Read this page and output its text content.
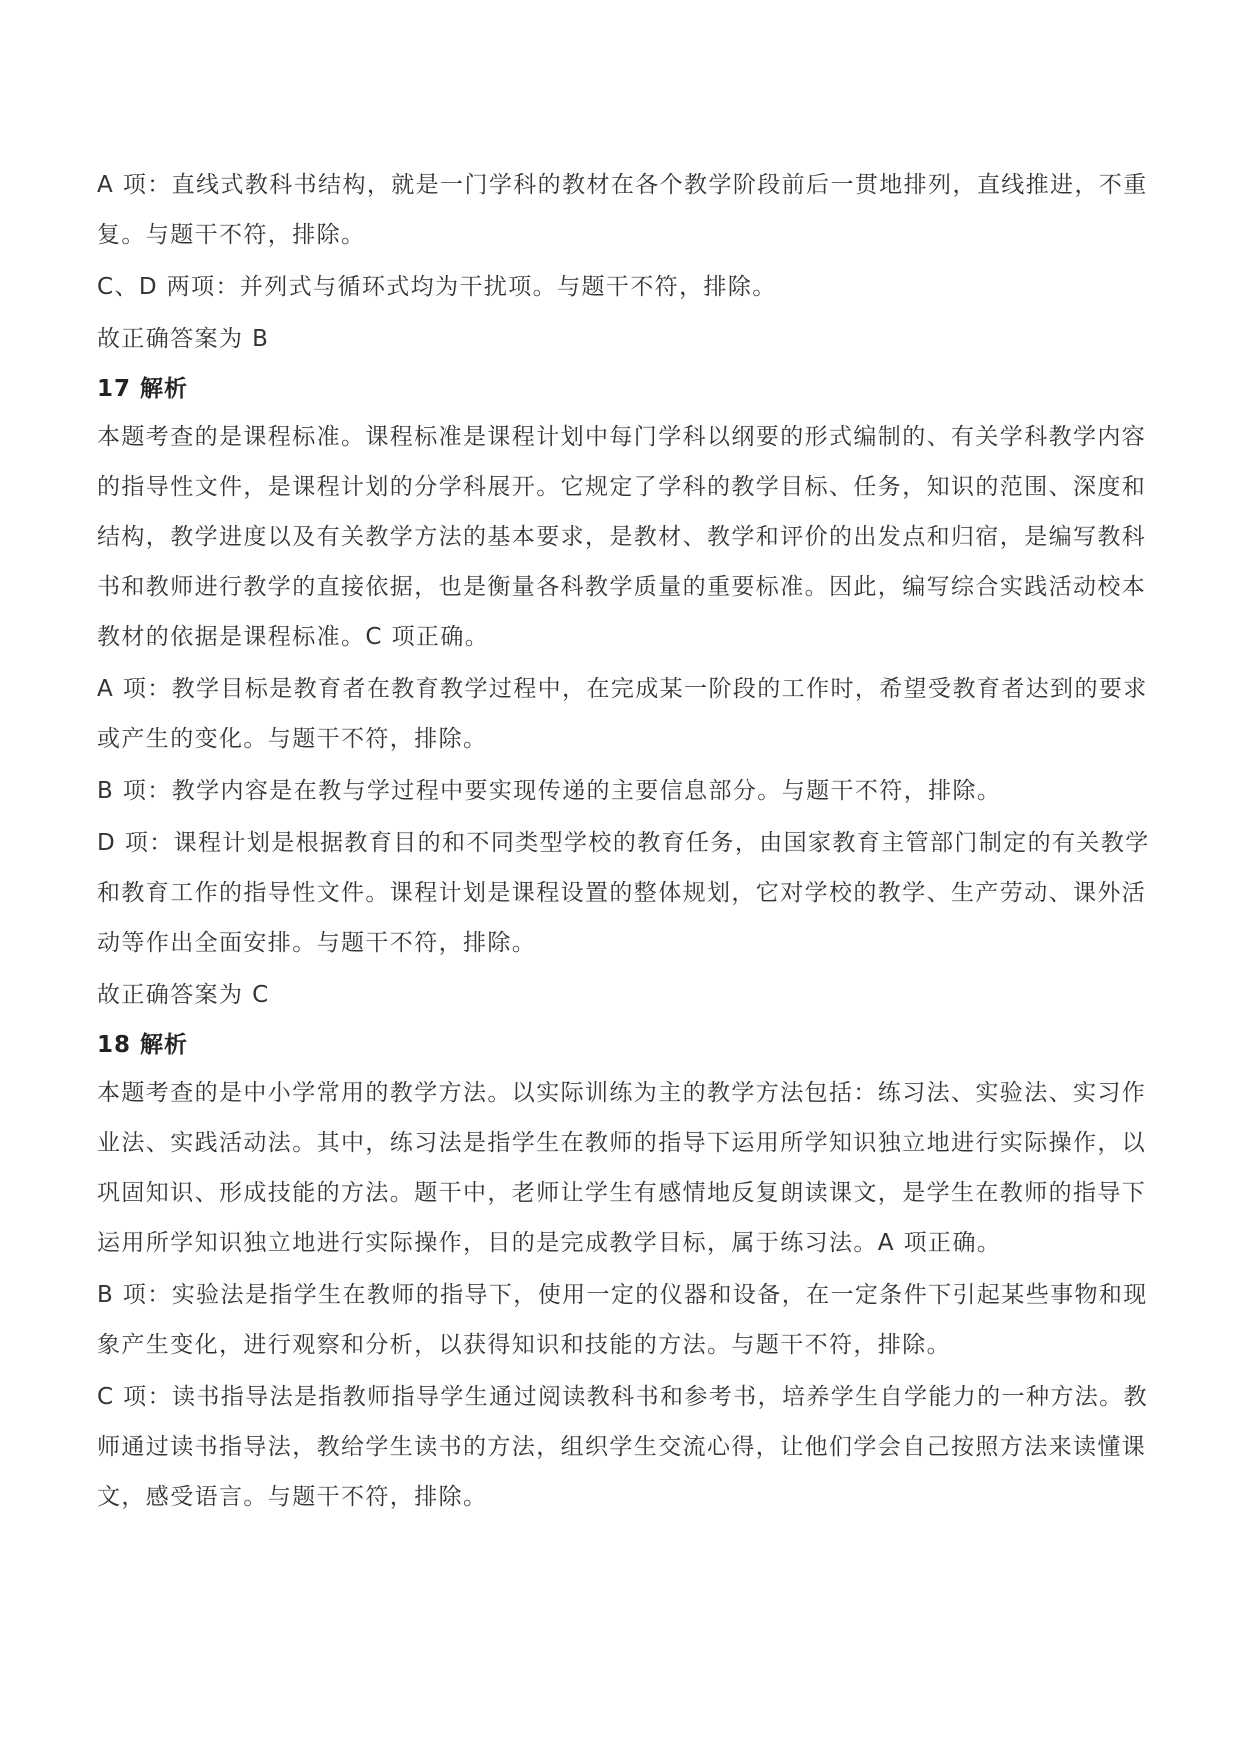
A 项：直线式教科书结构，就是一门学科的教材在各个教学阶段前后一贯地排列，直线推进，不重复。与题干不符，排除。

C、D 两项：并列式与循环式均为干扰项。与题干不符，排除。

故正确答案为 B

17 解析

本题考查的是课程标准。课程标准是课程计划中每门学科以纲要的形式编制的、有关学科教学内容的指导性文件，是课程计划的分学科展开。它规定了学科的教学目标、任务，知识的范围、深度和结构，教学进度以及有关教学方法的基本要求，是教材、教学和评价的出发点和归宿，是编写教科书和教师进行教学的直接依据，也是衡量各科教学质量的重要标准。因此，编写综合实践活动校本教材的依据是课程标准。C 项正确。

A 项：教学目标是教育者在教育教学过程中，在完成某一阶段的工作时，希望受教育者达到的要求或产生的变化。与题干不符，排除。

B 项：教学内容是在教与学过程中要实现传递的主要信息部分。与题干不符，排除。

D 项：课程计划是根据教育目的和不同类型学校的教育任务，由国家教育主管部门制定的有关教学和教育工作的指导性文件。课程计划是课程设置的整体规划，它对学校的教学、生产劳动、课外活动等作出全面安排。与题干不符，排除。

故正确答案为 C

18 解析

本题考查的是中小学常用的教学方法。以实际训练为主的教学方法包括：练习法、实验法、实习作业法、实践活动法。其中，练习法是指学生在教师的指导下运用所学知识独立地进行实际操作，以巩固知识、形成技能的方法。题干中，老师让学生有感情地反复朗读课文，是学生在教师的指导下运用所学知识独立地进行实际操作，目的是完成教学目标，属于练习法。A 项正确。

B 项：实验法是指学生在教师的指导下，使用一定的仪器和设备，在一定条件下引起某些事物和现象产生变化，进行观察和分析，以获得知识和技能的方法。与题干不符，排除。

C 项：读书指导法是指教师指导学生通过阅读教科书和参考书，培养学生自学能力的一种方法。教师通过读书指导法，教给学生读书的方法，组织学生交流心得，让他们学会自己按照方法来读懂课文，感受语言。与题干不符，排除。
